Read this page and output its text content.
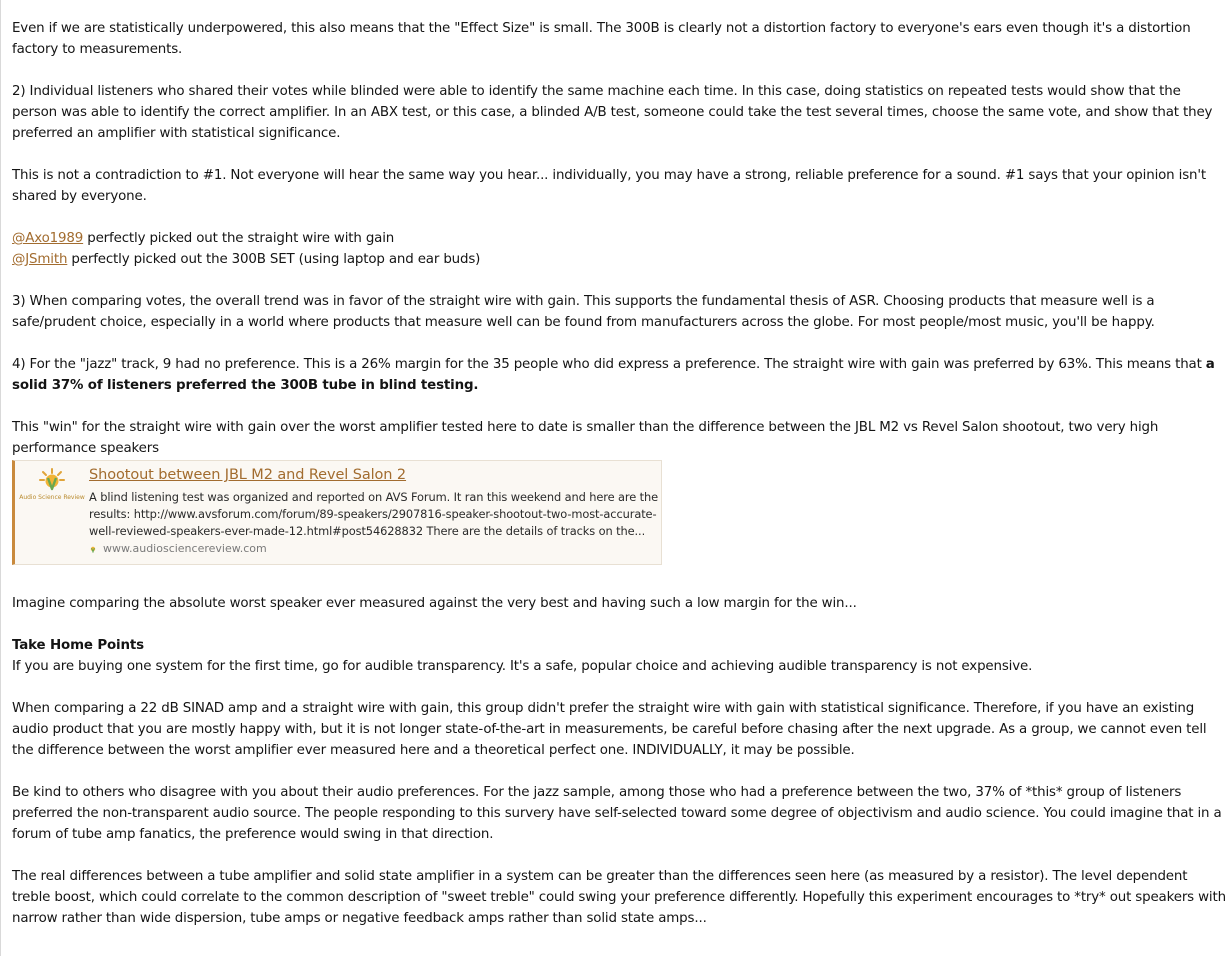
Even if we are statistically underpowered, this also means that the "Effect Size" is small. The 300B is clearly not a distortion factory to everyone's ears even though it's a distortion factory to measurements.

2) Individual listeners who shared their votes while blinded were able to identify the same machine each time. In this case, doing statistics on repeated tests would show that the person was able to identify the correct amplifier. In an ABX test, or this case, a blinded A/B test, someone could take the test several times, choose the same vote, and show that they preferred an amplifier with statistical significance.

This is not a contradiction to #1. Not everyone will hear the same way you hear... individually, you may have a strong, reliable preference for a sound. #1 says that your opinion isn't shared by everyone.

@Axo1989 perfectly picked out the straight wire with gain

@JSmith perfectly picked out the 300B SET (using laptop and ear buds)

3) When comparing votes, the overall trend was in favor of the straight wire with gain. This supports the fundamental thesis of ASR. Choosing products that measure well is a safe/prudent choice, especially in a world where products that measure well can be found from manufacturers across the globe. For most people/most music, you'll be happy.

4) For the "jazz" track, 9 had no preference. This is a 26% margin for the 35 people who did express a preference. The straight wire with gain was preferred by 63%. This means that a solid 37% of listeners preferred the 300B tube in blind testing.

This "win" for the straight wire with gain over the worst amplifier tested here to date is smaller than the difference between the JBL M2 vs Revel Salon shootout, two very high performance speakers

Audio Science Review
Shootout between JBL M2 and Revel Salon 2
A blind listening test was organized and reported on AVS Forum. It ran this weekend and here are the results: http://www.avsforum.com/forum/89-speakers/2907816-speaker-shootout-two-most-accurate-well-reviewed-speakers-ever-made-12.html#post54628832 There are the details of tracks on the...
www.audiosciencereview.com

Imagine comparing the absolute worst speaker ever measured against the very best and having such a low margin for the win...

Take Home Points

If you are buying one system for the first time, go for audible transparency. It's a safe, popular choice and achieving audible transparency is not expensive.

When comparing a 22 dB SINAD amp and a straight wire with gain, this group didn't prefer the straight wire with gain with statistical significance. Therefore, if you have an existing audio product that you are mostly happy with, but it is not longer state-of-the-art in measurements, be careful before chasing after the next upgrade. As a group, we cannot even tell the difference between the worst amplifier ever measured here and a theoretical perfect one. INDIVIDUALLY, it may be possible.

Be kind to others who disagree with you about their audio preferences. For the jazz sample, among those who had a preference between the two, 37% of *this* group of listeners preferred the non-transparent audio source. The people responding to this survery have self-selected toward some degree of objectivism and audio science. You could imagine that in a forum of tube amp fanatics, the preference would swing in that direction.

The real differences between a tube amplifier and solid state amplifier in a system can be greater than the differences seen here (as measured by a resistor). The level dependent treble boost, which could correlate to the common description of "sweet treble" could swing your preference differently. Hopefully this experiment encourages to *try* out speakers with narrow rather than wide dispersion, tube amps or negative feedback amps rather than solid state amps...
